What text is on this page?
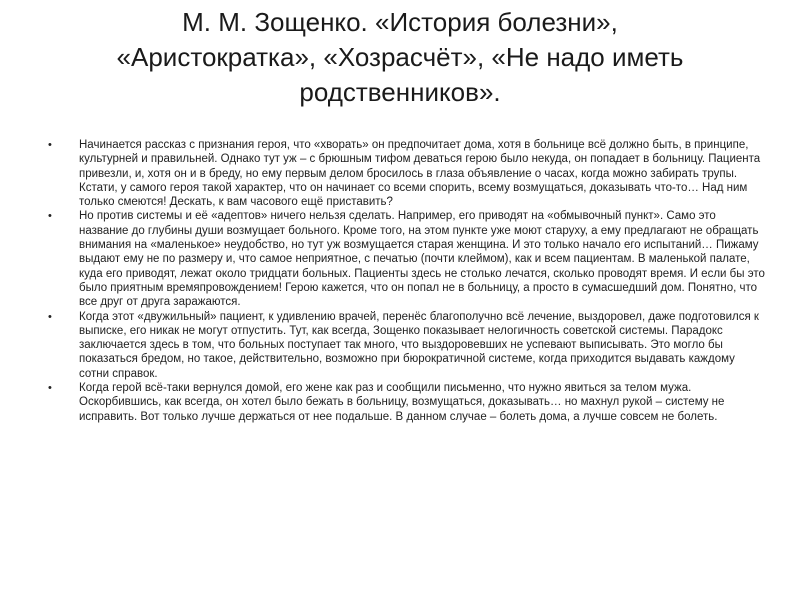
М. М. Зощенко. «История болезни»,
«Аристократка», «Хозрасчёт», «Не надо иметь
родственников».
• Начинается рассказ с признания героя, что «хворать» он предпочитает дома, хотя в больнице всё должно быть, в принципе, культурней и правильней. Однако тут уж – с брюшным тифом деваться герою было некуда, он попадает в больницу. Пациента привезли, и, хотя он и в бреду, но ему первым делом бросилось в глаза объявление о часах, когда можно забирать трупы. Кстати, у самого героя такой характер, что он начинает со всеми спорить, всему возмущаться, доказывать что-то… Над ним только смеются! Дескать, к вам часового ещё приставить?
• Но против системы и её «адептов» ничего нельзя сделать. Например, его приводят на «обмывочный пункт». Само это название до глубины души возмущает больного. Кроме того, на этом пункте уже моют старуху, а ему предлагают не обращать внимания на «маленькое» неудобство, но тут уж возмущается старая женщина. И это только начало его испытаний… Пижаму выдают ему не по размеру и, что самое неприятное, с печатью (почти клеймом), как и всем пациентам. В маленькой палате, куда его приводят, лежат около тридцати больных. Пациенты здесь не столько лечатся, сколько проводят время. И если бы это было приятным времяпровождением! Герою кажется, что он попал не в больницу, а просто в сумасшедший дом. Понятно, что все друг от друга заражаются.
• Когда этот «двужильный» пациент, к удивлению врачей, перенёс благополучно всё лечение, выздоровел, даже подготовился к выписке, его никак не могут отпустить. Тут, как всегда, Зощенко показывает нелогичность советской системы. Парадокс заключается здесь в том, что больных поступает так много, что выздоровевших не успевают выписывать. Это могло бы показаться бредом, но такое, действительно, возможно при бюрократичной системе, когда приходится выдавать каждому сотни справок.
• Когда герой всё-таки вернулся домой, его жене как раз и сообщили письменно, что нужно явиться за телом мужа. Оскорбившись, как всегда, он хотел было бежать в больницу, возмущаться, доказывать… но махнул рукой – систему не исправить. Вот только лучше держаться от нее подальше. В данном случае – болеть дома, а лучше совсем не болеть.
